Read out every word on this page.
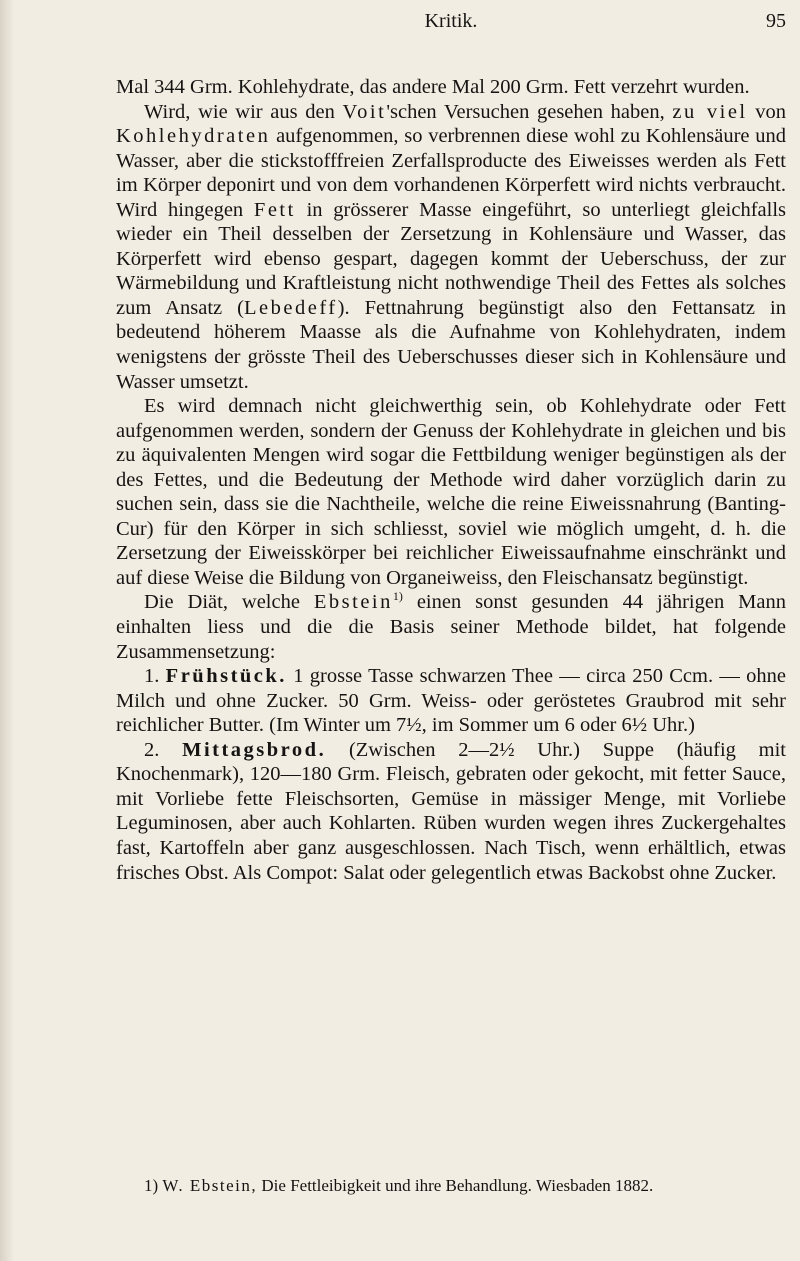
Kritik.	95

Mal 344 Grm. Kohlehydrate, das andere Mal 200 Grm. Fett verzehrt wurden.

Wird, wie wir aus den Voit'schen Versuchen gesehen haben, zu viel von Kohlehydraten aufgenommen, so verbrennen diese wohl zu Kohlensäure und Wasser, aber die stickstofffreien Zerfallsproducte des Eiweisses werden als Fett im Körper deponirt und von dem vorhandenen Körperfett wird nichts verbraucht. Wird hingegen Fett in grösserer Masse eingeführt, so unterliegt gleichfalls wieder ein Theil desselben der Zersetzung in Kohlensäure und Wasser, das Körperfett wird ebenso gespart, dagegen kommt der Ueberschuss, der zur Wärmebildung und Kraftleistung nicht nothwendige Theil des Fettes als solches zum Ansatz (Lebedeff). Fettnahrung begünstigt also den Fettansatz in bedeutend höherem Maasse als die Aufnahme von Kohlehydraten, indem wenigstens der grösste Theil des Ueberschusses dieser sich in Kohlensäure und Wasser umsetzt.

Es wird demnach nicht gleichwerthig sein, ob Kohlehydrate oder Fett aufgenommen werden, sondern der Genuss der Kohlehydrate in gleichen und bis zu äquivalenten Mengen wird sogar die Fettbildung weniger begünstigen als der des Fettes, und die Bedeutung der Methode wird daher vorzüglich darin zu suchen sein, dass sie die Nachtheile, welche die reine Eiweissnahrung (Banting-Cur) für den Körper in sich schliesst, soviel wie möglich umgeht, d. h. die Zersetzung der Eiweisskörper bei reichlicher Eiweissaufnahme einschränkt und auf diese Weise die Bildung von Organeiweiss, den Fleischansatz begünstigt.

Die Diät, welche Ebstein$^{1)}$ einen sonst gesunden 44 jährigen Mann einhalten liess und die die Basis seiner Methode bildet, hat folgende Zusammensetzung:

1. Frühstück. 1 grosse Tasse schwarzen Thee — circa 250 Ccm. — ohne Milch und ohne Zucker. 50 Grm. Weiss- oder geröstetes Graubrod mit sehr reichlicher Butter. (Im Winter um 7½, im Sommer um 6 oder 6½ Uhr.)

2. Mittagsbrod. (Zwischen 2—2½ Uhr.) Suppe (häufig mit Knochenmark), 120—180 Grm. Fleisch, gebraten oder gekocht, mit fetter Sauce, mit Vorliebe fette Fleischsorten, Gemüse in mässiger Menge, mit Vorliebe Leguminosen, aber auch Kohlarten. Rüben wurden wegen ihres Zuckergehaltes fast, Kartoffeln aber ganz ausgeschlossen. Nach Tisch, wenn erhältlich, etwas frisches Obst. Als Compot: Salat oder gelegentlich etwas Backobst ohne Zucker.

1) W. Ebstein, Die Fettleibigkeit und ihre Behandlung. Wiesbaden 1882.
